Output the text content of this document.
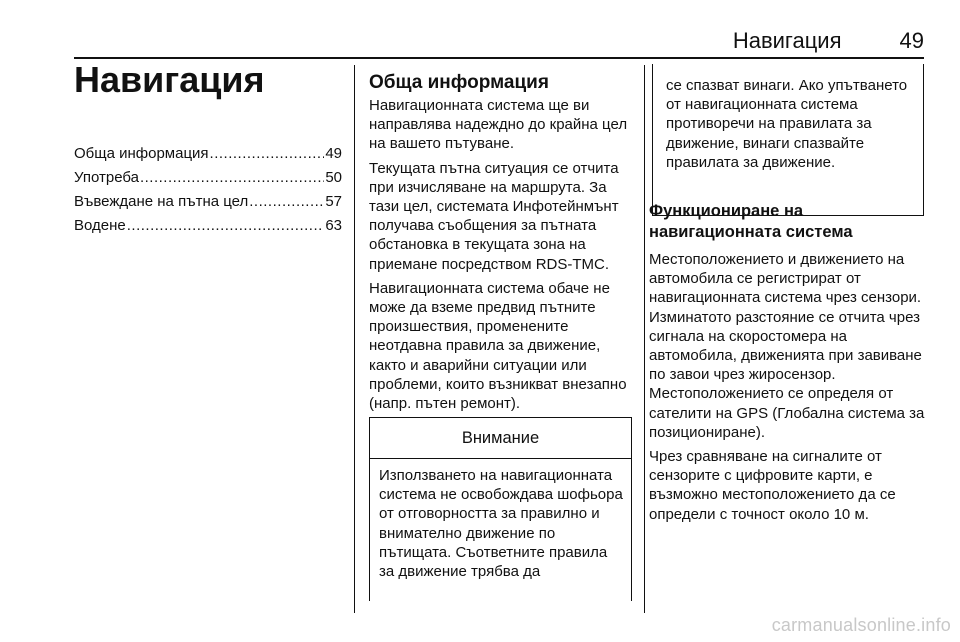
Навигация	49
Навигация
Обща информация .....	49
Употреба .....	50
Въвеждане на пътна цел .....	57
Водене .....	63
Обща информация

Навигационната система ще ви направлява надеждно до крайна цел на вашето пътуване.

Текущата пътна ситуация се отчита при изчисляване на маршрута. За тази цел, системата Инфотейнмънт получава съобщения за пътната обстановка в текущата зона на приемане посредством RDS-TMC.

Навигационната система обаче не може да вземе предвид пътните произшествия, променените неотдавна правила за движение, както и аварийни ситуации или проблеми, които възникват внезапно (напр. пътен ремонт).

Внимание
Използването на навигационната система не освобождава шофьора от отговорността за правилно и внимателно движение по пътищата. Съответните правила за движение трябва да
се спазват винаги. Ако упътването от навигационната система противоречи на правилата за движение, винаги спазвайте правилата за движение.
Функциониране на навигационната система

Местоположението и движението на автомобила се регистрират от навигационната система чрез сензори. Изминатото разстояние се отчита чрез сигнала на скоростомера на автомобила, движенията при завиване по завои чрез жиросензор. Местоположението се определя от сателити на GPS (Глобална система за позициониране).

Чрез сравняване на сигналите от сензорите с цифровите карти, е възможно местоположението да се определи с точност около 10 м.

carmanualsonline.info
